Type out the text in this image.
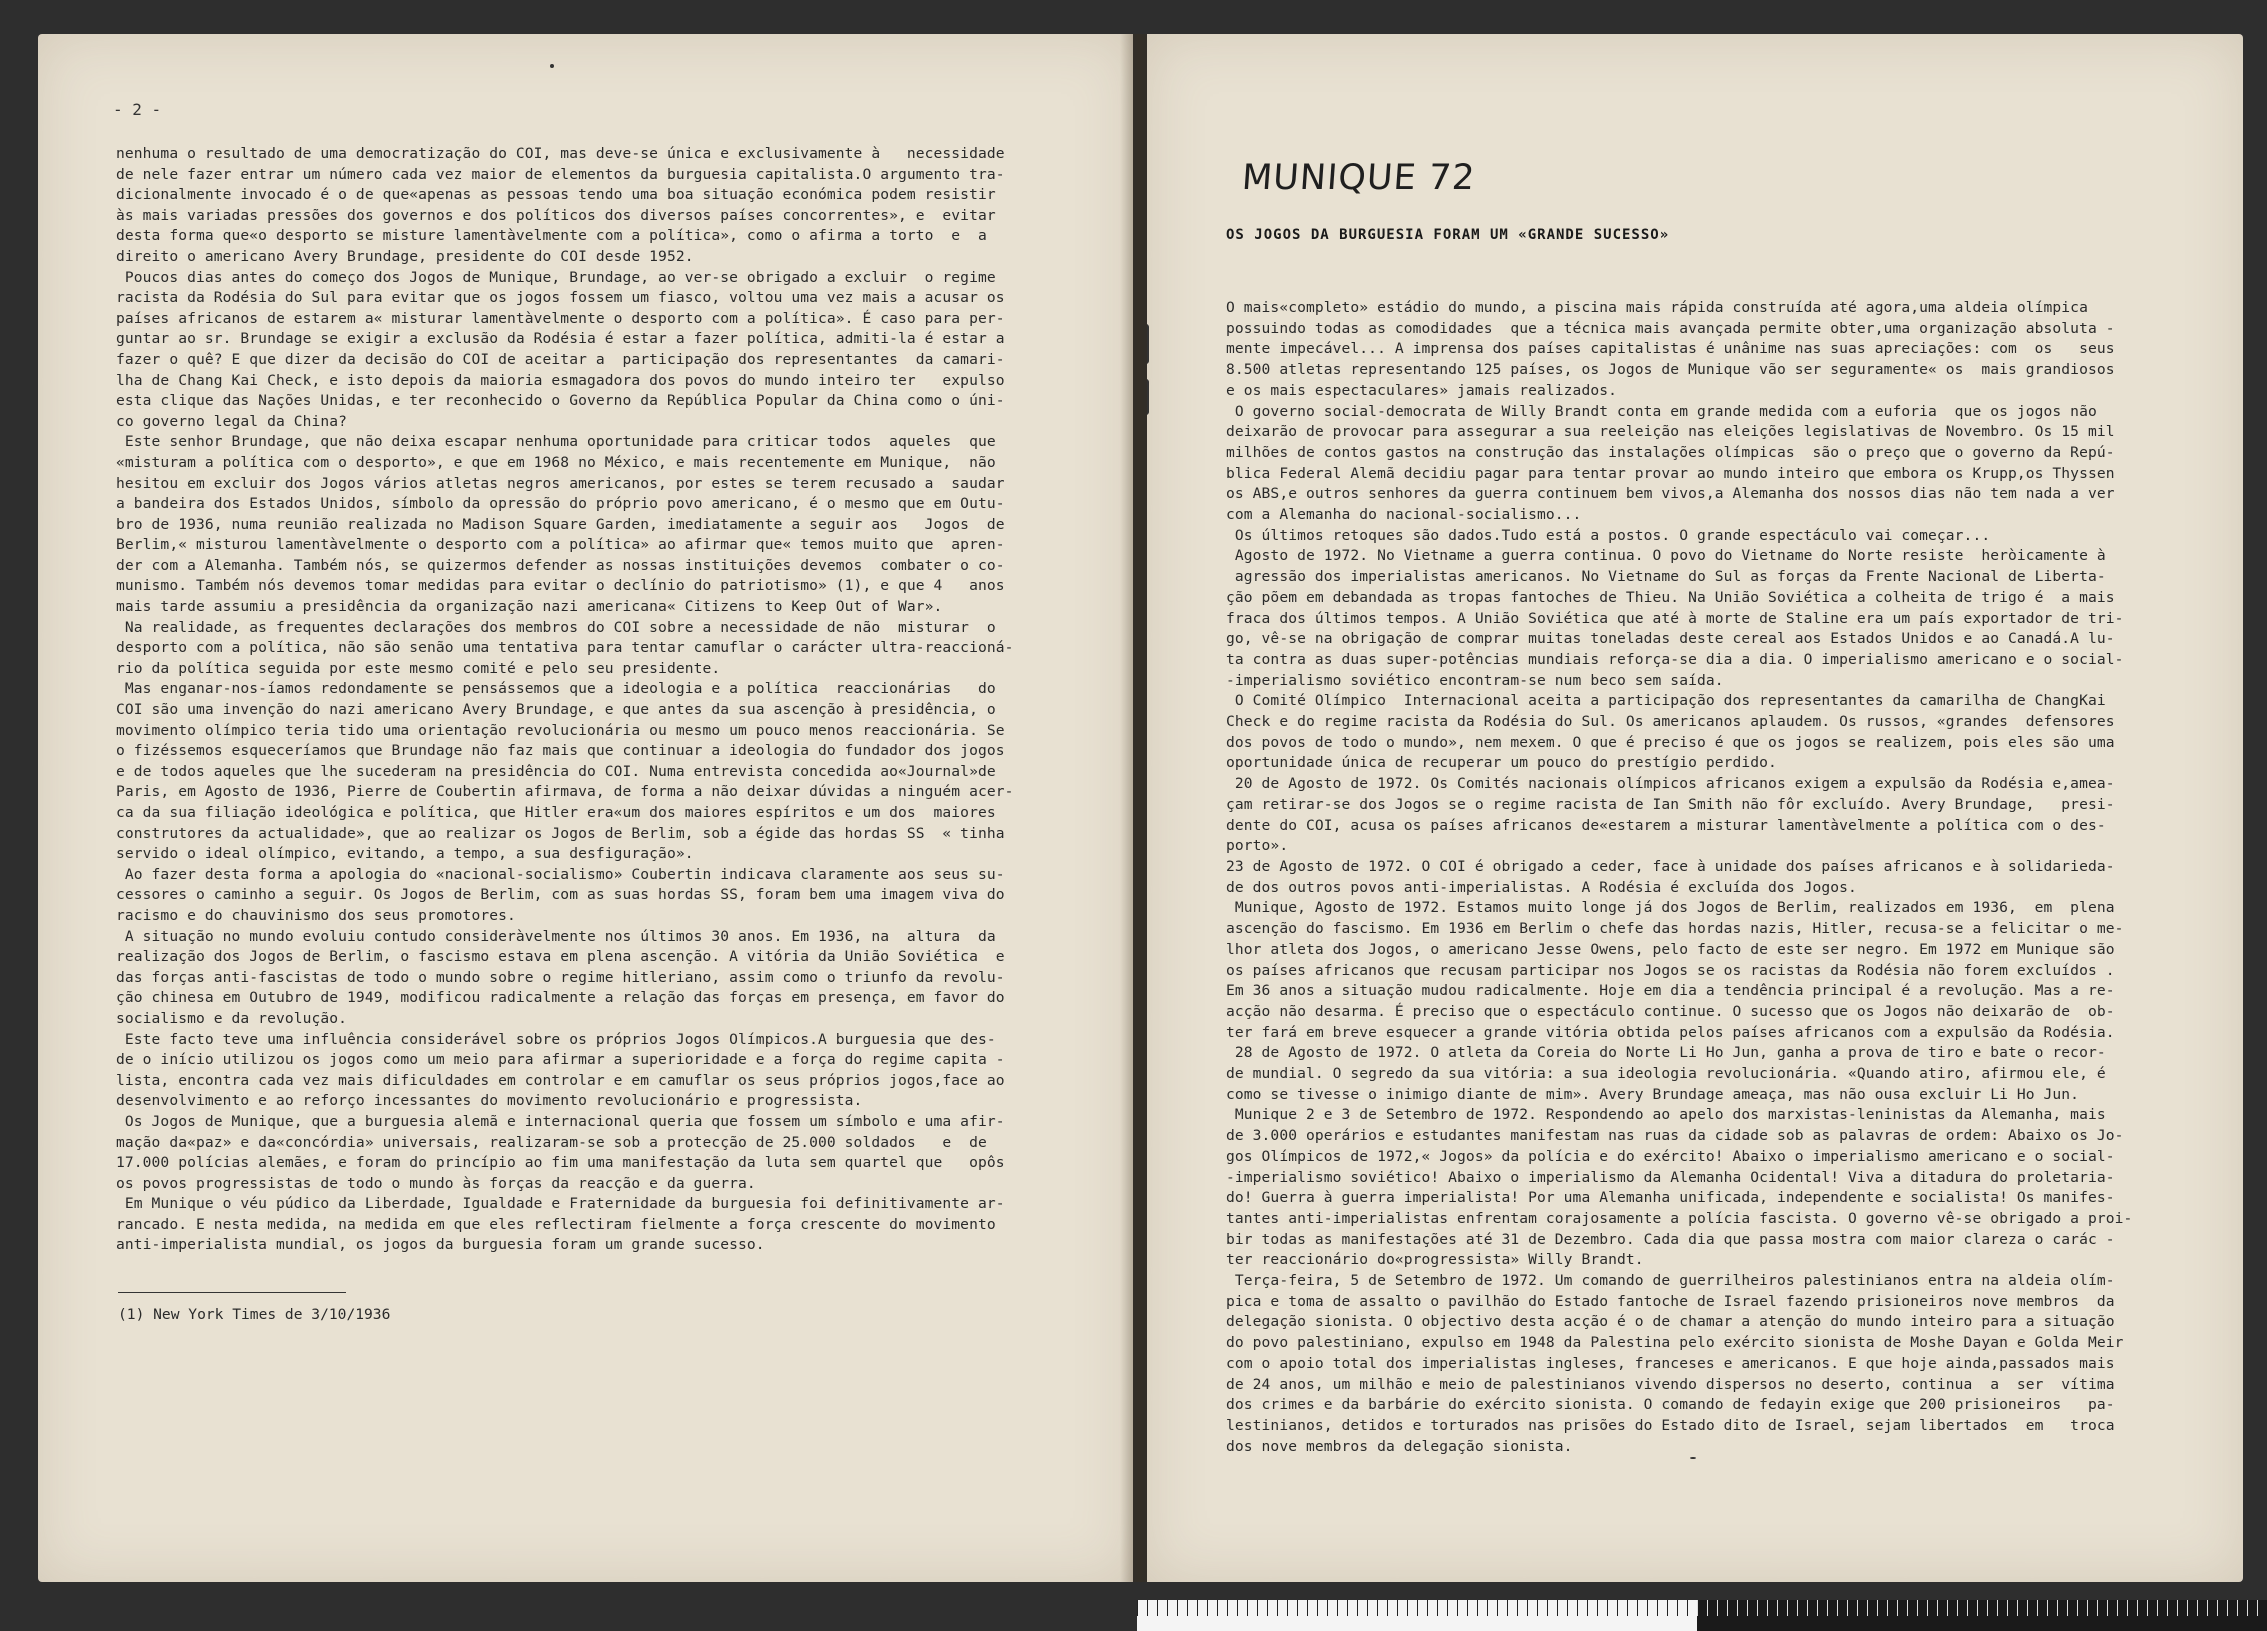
- 2 -
nenhuma o resultado de uma democratização do COI, mas deve-se única e exclusivamente à   necessidade
de nele fazer entrar um número cada vez maior de elementos da burguesia capitalista.O argumento tra-
dicionalmente invocado é o de que«apenas as pessoas tendo uma boa situação económica podem resistir
às mais variadas pressões dos governos e dos políticos dos diversos países concorrentes», e  evitar
desta forma que«o desporto se misture lamentàvelmente com a política», como o afirma a torto  e  a
direito o americano Avery Brundage, presidente do COI desde 1952.
Poucos dias antes do começo dos Jogos de Munique, Brundage, ao ver-se obrigado a excluir  o regime
racista da Rodésia do Sul para evitar que os jogos fossem um fiasco, voltou uma vez mais a acusar os
países africanos de estarem a« misturar lamentàvelmente o desporto com a política». É caso para per-
guntar ao sr. Brundage se exigir a exclusão da Rodésia é estar a fazer política, admiti-la é estar a
fazer o quê? E que dizer da decisão do COI de aceitar a  participação dos representantes  da camari-
lha de Chang Kai Check, e isto depois da maioria esmagadora dos povos do mundo inteiro ter   expulso
esta clique das Nações Unidas, e ter reconhecido o Governo da República Popular da China como o úni-
co governo legal da China?
Este senhor Brundage, que não deixa escapar nenhuma oportunidade para criticar todos  aqueles  que
«misturam a política com o desporto», e que em 1968 no México, e mais recentemente em Munique,  não
hesitou em excluir dos Jogos vários atletas negros americanos, por estes se terem recusado a  saudar
a bandeira dos Estados Unidos, símbolo da opressão do próprio povo americano, é o mesmo que em Outu-
bro de 1936, numa reunião realizada no Madison Square Garden, imediatamente a seguir aos   Jogos  de
Berlim,« misturou lamentàvelmente o desporto com a política» ao afirmar que« temos muito que  apren-
der com a Alemanha. Também nós, se quizermos defender as nossas instituições devemos  combater o co-
munismo. Também nós devemos tomar medidas para evitar o declínio do patriotismo» (1), e que 4   anos
mais tarde assumiu a presidência da organização nazi americana« Citizens to Keep Out of War».
Na realidade, as frequentes declarações dos membros do COI sobre a necessidade de não  misturar  o
desporto com a política, não são senão uma tentativa para tentar camuflar o carácter ultra-reaccioná-
rio da política seguida por este mesmo comité e pelo seu presidente.
Mas enganar-nos-íamos redondamente se pensássemos que a ideologia e a política  reaccionárias   do
COI são uma invenção do nazi americano Avery Brundage, e que antes da sua ascenção à presidência, o
movimento olímpico teria tido uma orientação revolucionária ou mesmo um pouco menos reaccionária. Se
o fizéssemos esqueceríamos que Brundage não faz mais que continuar a ideologia do fundador dos jogos
e de todos aqueles que lhe sucederam na presidência do COI. Numa entrevista concedida ao«Journal»de
Paris, em Agosto de 1936, Pierre de Coubertin afirmava, de forma a não deixar dúvidas a ninguém acer-
ca da sua filiação ideológica e política, que Hitler era«um dos maiores espíritos e um dos  maiores
construtores da actualidade», que ao realizar os Jogos de Berlim, sob a égide das hordas SS  « tinha
servido o ideal olímpico, evitando, a tempo, a sua desfiguração».
Ao fazer desta forma a apologia do «nacional-socialismo» Coubertin indicava claramente aos seus su-
cessores o caminho a seguir. Os Jogos de Berlim, com as suas hordas SS, foram bem uma imagem viva do
racismo e do chauvinismo dos seus promotores.
A situação no mundo evoluiu contudo consideràvelmente nos últimos 30 anos. Em 1936, na  altura  da
realização dos Jogos de Berlim, o fascismo estava em plena ascenção. A vitória da União Soviética  e
das forças anti-fascistas de todo o mundo sobre o regime hitleriano, assim como o triunfo da revolu-
ção chinesa em Outubro de 1949, modificou radicalmente a relação das forças em presença, em favor do
socialismo e da revolução.
Este facto teve uma influência considerável sobre os próprios Jogos Olímpicos.A burguesia que des-
de o início utilizou os jogos como um meio para afirmar a superioridade e a força do regime capita -
lista, encontra cada vez mais dificuldades em controlar e em camuflar os seus próprios jogos,face ao
desenvolvimento e ao reforço incessantes do movimento revolucionário e progressista.
Os Jogos de Munique, que a burguesia alemã e internacional queria que fossem um símbolo e uma afir-
mação da«paz» e da«concórdia» universais, realizaram-se sob a protecção de 25.000 soldados   e  de
17.000 polícias alemães, e foram do princípio ao fim uma manifestação da luta sem quartel que   opôs
os povos progressistas de todo o mundo às forças da reacção e da guerra.
Em Munique o véu púdico da Liberdade, Igualdade e Fraternidade da burguesia foi definitivamente ar-
rancado. E nesta medida, na medida em que eles reflectiram fielmente a força crescente do movimento
anti-imperialista mundial, os jogos da burguesia foram um grande sucesso.
(1) New York Times de 3/10/1936
MUNIQUE 72
OS JOGOS DA BURGUESIA FORAM UM «GRANDE SUCESSO»
O mais«completo» estádio do mundo, a piscina mais rápida construída até agora,uma aldeia olímpica
possuindo todas as comodidades  que a técnica mais avançada permite obter,uma organização absoluta -
mente impecável... A imprensa dos países capitalistas é unânime nas suas apreciações: com  os   seus
8.500 atletas representando 125 países, os Jogos de Munique vão ser seguramente« os  mais grandiosos
e os mais espectaculares» jamais realizados.
O governo social-democrata de Willy Brandt conta em grande medida com a euforia  que os jogos não
deixarão de provocar para assegurar a sua reeleição nas eleições legislativas de Novembro. Os 15 mil
milhões de contos gastos na construção das instalações olímpicas  são o preço que o governo da Repú-
blica Federal Alemã decidiu pagar para tentar provar ao mundo inteiro que embora os Krupp,os Thyssen
os ABS,e outros senhores da guerra continuem bem vivos,a Alemanha dos nossos dias não tem nada a ver
com a Alemanha do nacional-socialismo...
Os últimos retoques são dados.Tudo está a postos. O grande espectáculo vai começar...
Agosto de 1972. No Vietname a guerra continua. O povo do Vietname do Norte resiste  heròicamente à
agressão dos imperialistas americanos. No Vietname do Sul as forças da Frente Nacional de Liberta-
ção põem em debandada as tropas fantoches de Thieu. Na União Soviética a colheita de trigo é  a mais
fraca dos últimos tempos. A União Soviética que até à morte de Staline era um país exportador de tri-
go, vê-se na obrigação de comprar muitas toneladas deste cereal aos Estados Unidos e ao Canadá.A lu-
ta contra as duas super-potências mundiais reforça-se dia a dia. O imperialismo americano e o social-
-imperialismo soviético encontram-se num beco sem saída.
O Comité Olímpico  Internacional aceita a participação dos representantes da camarilha de ChangKai
Check e do regime racista da Rodésia do Sul. Os americanos aplaudem. Os russos, «grandes  defensores
dos povos de todo o mundo», nem mexem. O que é preciso é que os jogos se realizem, pois eles são uma
oportunidade única de recuperar um pouco do prestígio perdido.
20 de Agosto de 1972. Os Comités nacionais olímpicos africanos exigem a expulsão da Rodésia e,amea-
çam retirar-se dos Jogos se o regime racista de Ian Smith não fôr excluído. Avery Brundage,   presi-
dente do COI, acusa os países africanos de«estarem a misturar lamentàvelmente a política com o des-
porto».
23 de Agosto de 1972. O COI é obrigado a ceder, face à unidade dos países africanos e à solidarieda-
de dos outros povos anti-imperialistas. A Rodésia é excluída dos Jogos.
Munique, Agosto de 1972. Estamos muito longe já dos Jogos de Berlim, realizados em 1936,  em  plena
ascenção do fascismo. Em 1936 em Berlim o chefe das hordas nazis, Hitler, recusa-se a felicitar o me-
lhor atleta dos Jogos, o americano Jesse Owens, pelo facto de este ser negro. Em 1972 em Munique são
os países africanos que recusam participar nos Jogos se os racistas da Rodésia não forem excluídos .
Em 36 anos a situação mudou radicalmente. Hoje em dia a tendência principal é a revolução. Mas a re-
acção não desarma. É preciso que o espectáculo continue. O sucesso que os Jogos não deixarão de  ob-
ter fará em breve esquecer a grande vitória obtida pelos países africanos com a expulsão da Rodésia.
28 de Agosto de 1972. O atleta da Coreia do Norte Li Ho Jun, ganha a prova de tiro e bate o recor-
de mundial. O segredo da sua vitória: a sua ideologia revolucionária. «Quando atiro, afirmou ele, é
como se tivesse o inimigo diante de mim». Avery Brundage ameaça, mas não ousa excluir Li Ho Jun.
Munique 2 e 3 de Setembro de 1972. Respondendo ao apelo dos marxistas-leninistas da Alemanha, mais
de 3.000 operários e estudantes manifestam nas ruas da cidade sob as palavras de ordem: Abaixo os Jo-
gos Olímpicos de 1972,« Jogos» da polícia e do exército! Abaixo o imperialismo americano e o social-
-imperialismo soviético! Abaixo o imperialismo da Alemanha Ocidental! Viva a ditadura do proletaria-
do! Guerra à guerra imperialista! Por uma Alemanha unificada, independente e socialista! Os manifes-
tantes anti-imperialistas enfrentam corajosamente a polícia fascista. O governo vê-se obrigado a proi-
bir todas as manifestações até 31 de Dezembro. Cada dia que passa mostra com maior clareza o carác -
ter reaccionário do«progressista» Willy Brandt.
Terça-feira, 5 de Setembro de 1972. Um comando de guerrilheiros palestinianos entra na aldeia olím-
pica e toma de assalto o pavilhão do Estado fantoche de Israel fazendo prisioneiros nove membros  da
delegação sionista. O objectivo desta acção é o de chamar a atenção do mundo inteiro para a situação
do povo palestiniano, expulso em 1948 da Palestina pelo exército sionista de Moshe Dayan e Golda Meir
com o apoio total dos imperialistas ingleses, franceses e americanos. E que hoje ainda,passados mais
de 24 anos, um milhão e meio de palestinianos vivendo dispersos no deserto, continua  a  ser  vítima
dos crimes e da barbárie do exército sionista. O comando de fedayin exige que 200 prisioneiros   pa-
lestinianos, detidos e torturados nas prisões do Estado dito de Israel, sejam libertados  em   troca
dos nove membros da delegação sionista.
